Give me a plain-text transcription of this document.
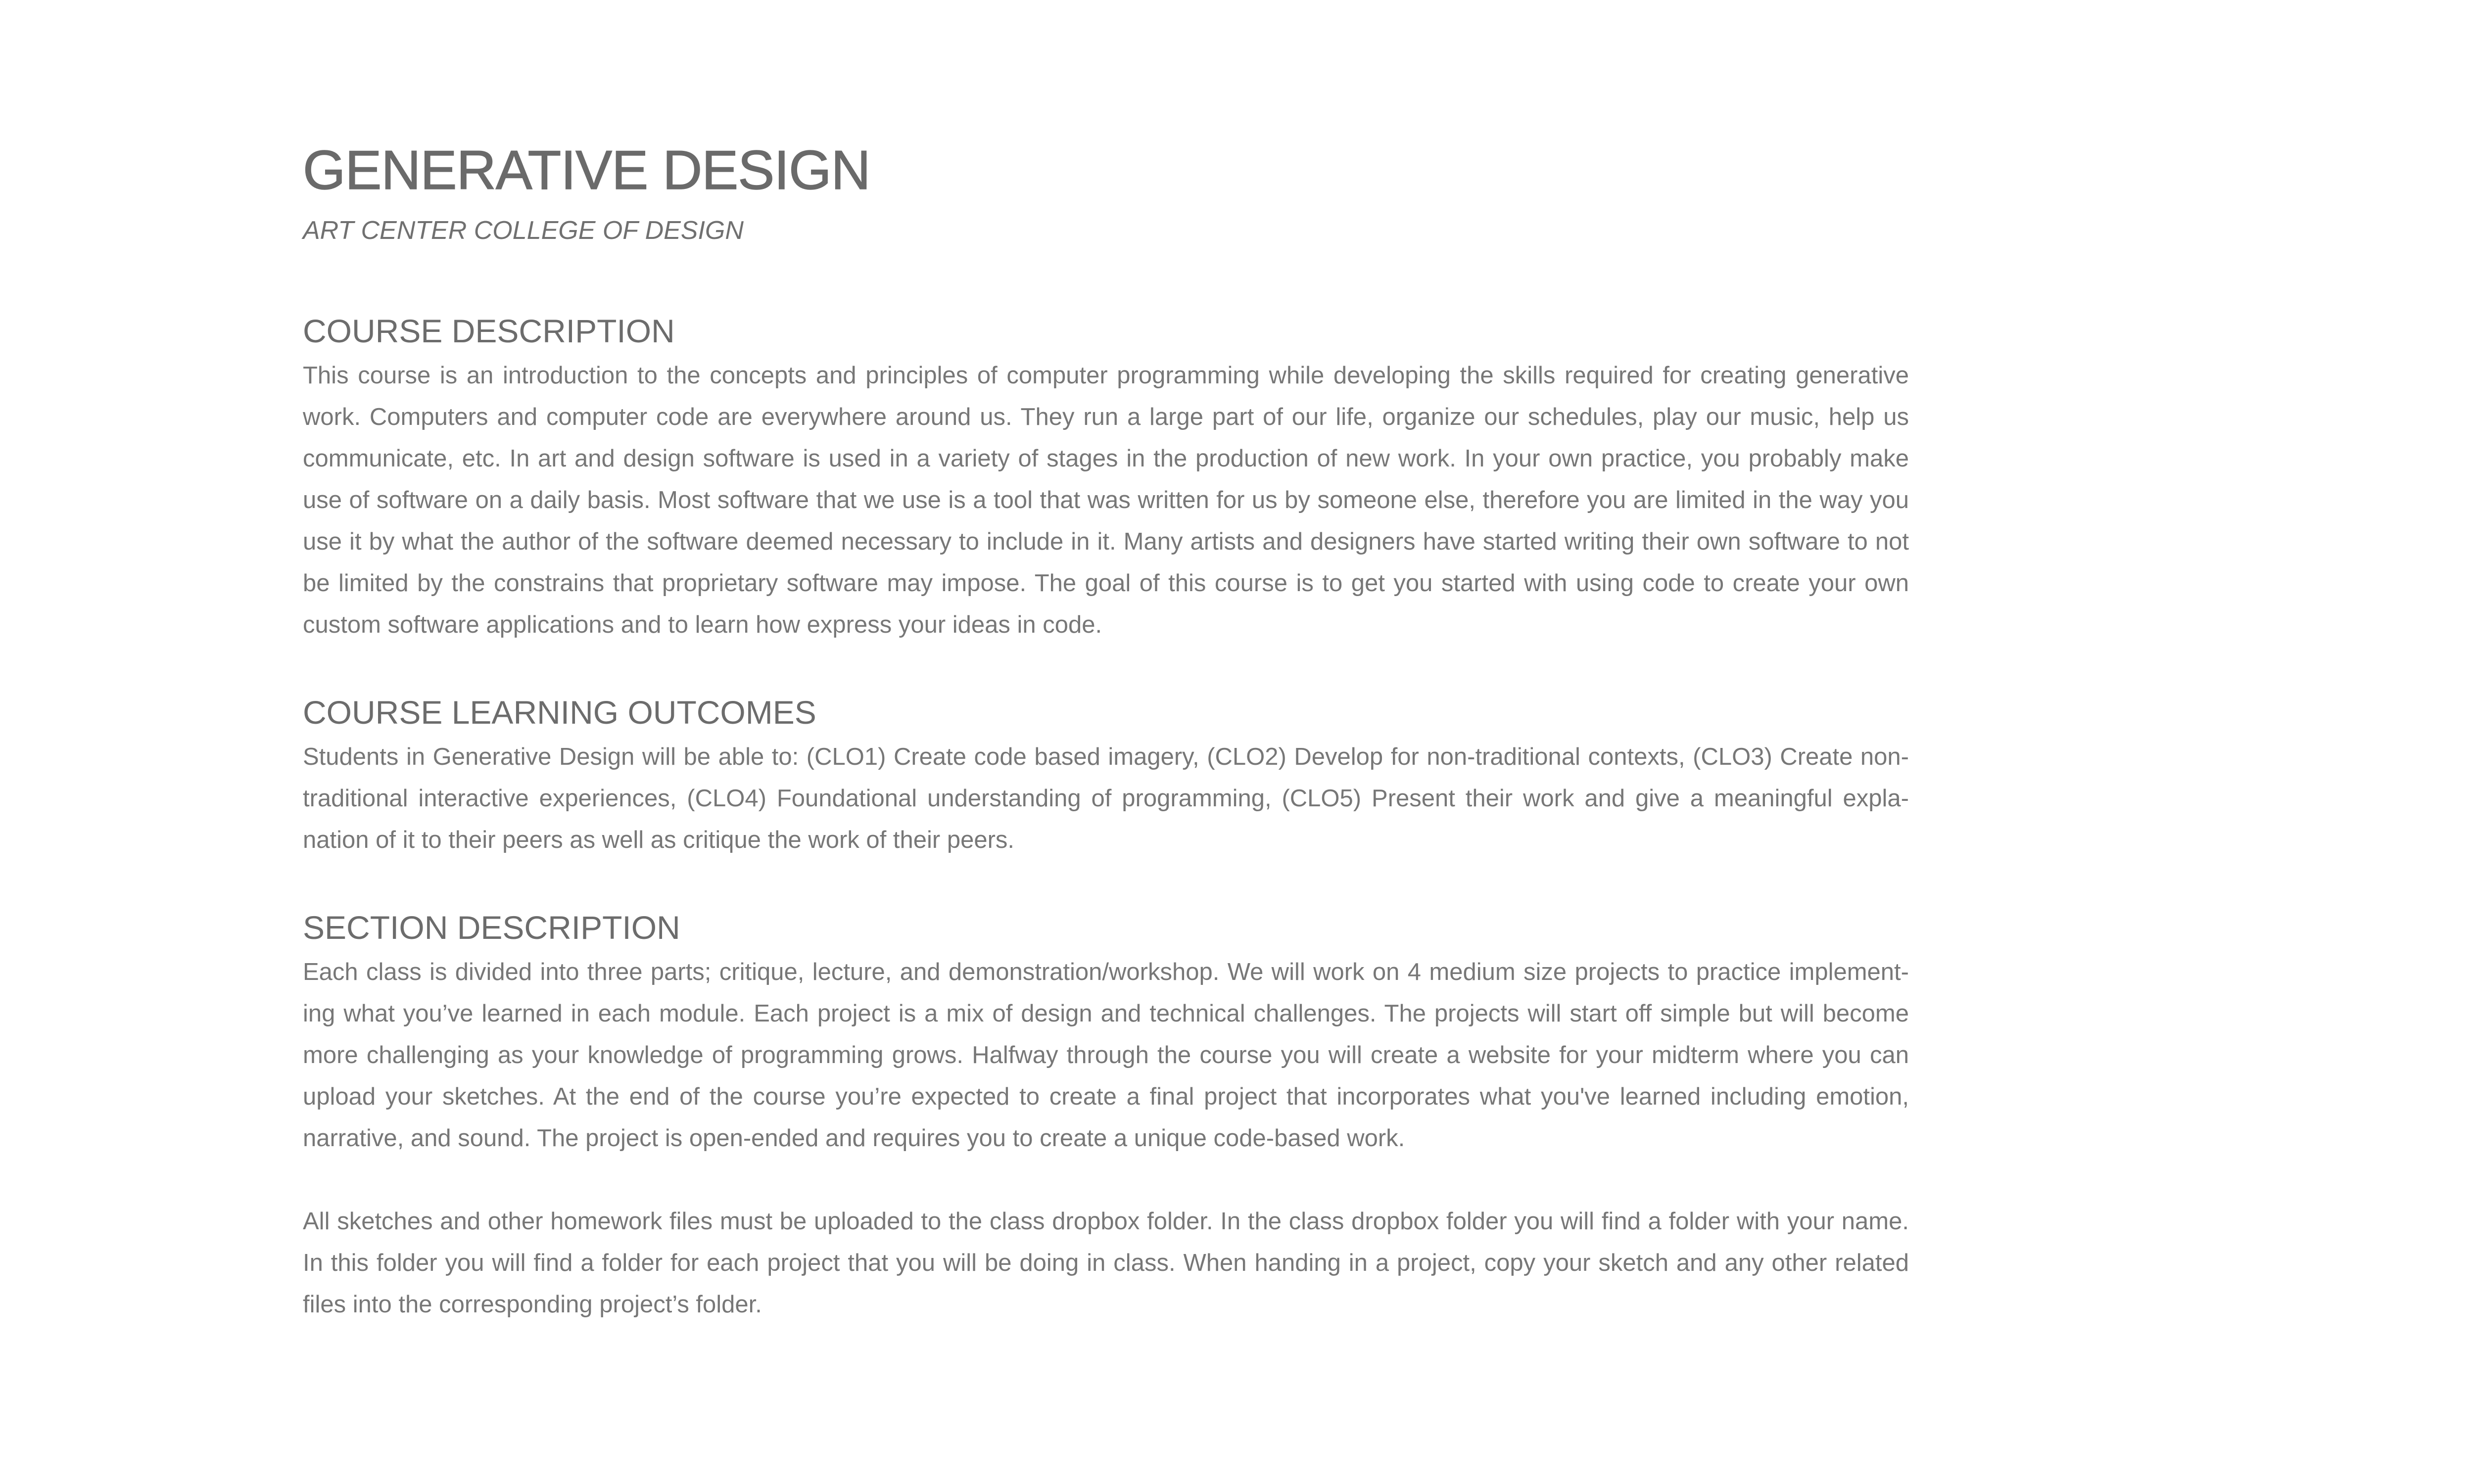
GENERATIVE DESIGN
ART CENTER COLLEGE OF DESIGN
COURSE DESCRIPTION

This course is an introduction to the concepts and principles of computer programming while developing the skills required for creating generative work. Computers and computer code are everywhere around us. They run a large part of our life, organize our schedules, play our music, help us communicate, etc. In art and design software is used in a variety of stages in the production of new work. In your own practice, you probably make use of software on a daily basis. Most software that we use is a tool that was written for us by someone else, therefore you are limited in the way you use it by what the author of the software deemed necessary to include in it. Many artists and designers have started writing their own software to not be limited by the constrains that proprietary software may impose. The goal of this course is to get you started with using code to create your own custom software applications and to learn how express your ideas in code.

COURSE LEARNING OUTCOMES

Students in Generative Design will be able to: (CLO1) Create code based imagery, (CLO2) Develop for non-traditional contexts, (CLO3) Create non-traditional interactive experiences, (CLO4) Foundational understanding of programming, (CLO5) Present their work and give a meaningful expla-nation of it to their peers as well as critique the work of their peers.

SECTION DESCRIPTION

Each class is divided into three parts; critique, lecture, and demonstration/workshop. We will work on 4 medium size projects to practice implement-ing what you’ve learned in each module. Each project is a mix of design and technical challenges. The projects will start off simple but will become more challenging as your knowledge of programming grows. Halfway through the course you will create a website for your midterm where you can upload your sketches. At the end of the course you’re expected to create a final project that incorporates what you've learned including emotion, narrative, and sound. The project is open-ended and requires you to create a unique code-based work.

All sketches and other homework files must be uploaded to the class dropbox folder. In the class dropbox folder you will find a folder with your name. In this folder you will find a folder for each project that you will be doing in class. When handing in a project, copy your sketch and any other related files into the corresponding project’s folder.
